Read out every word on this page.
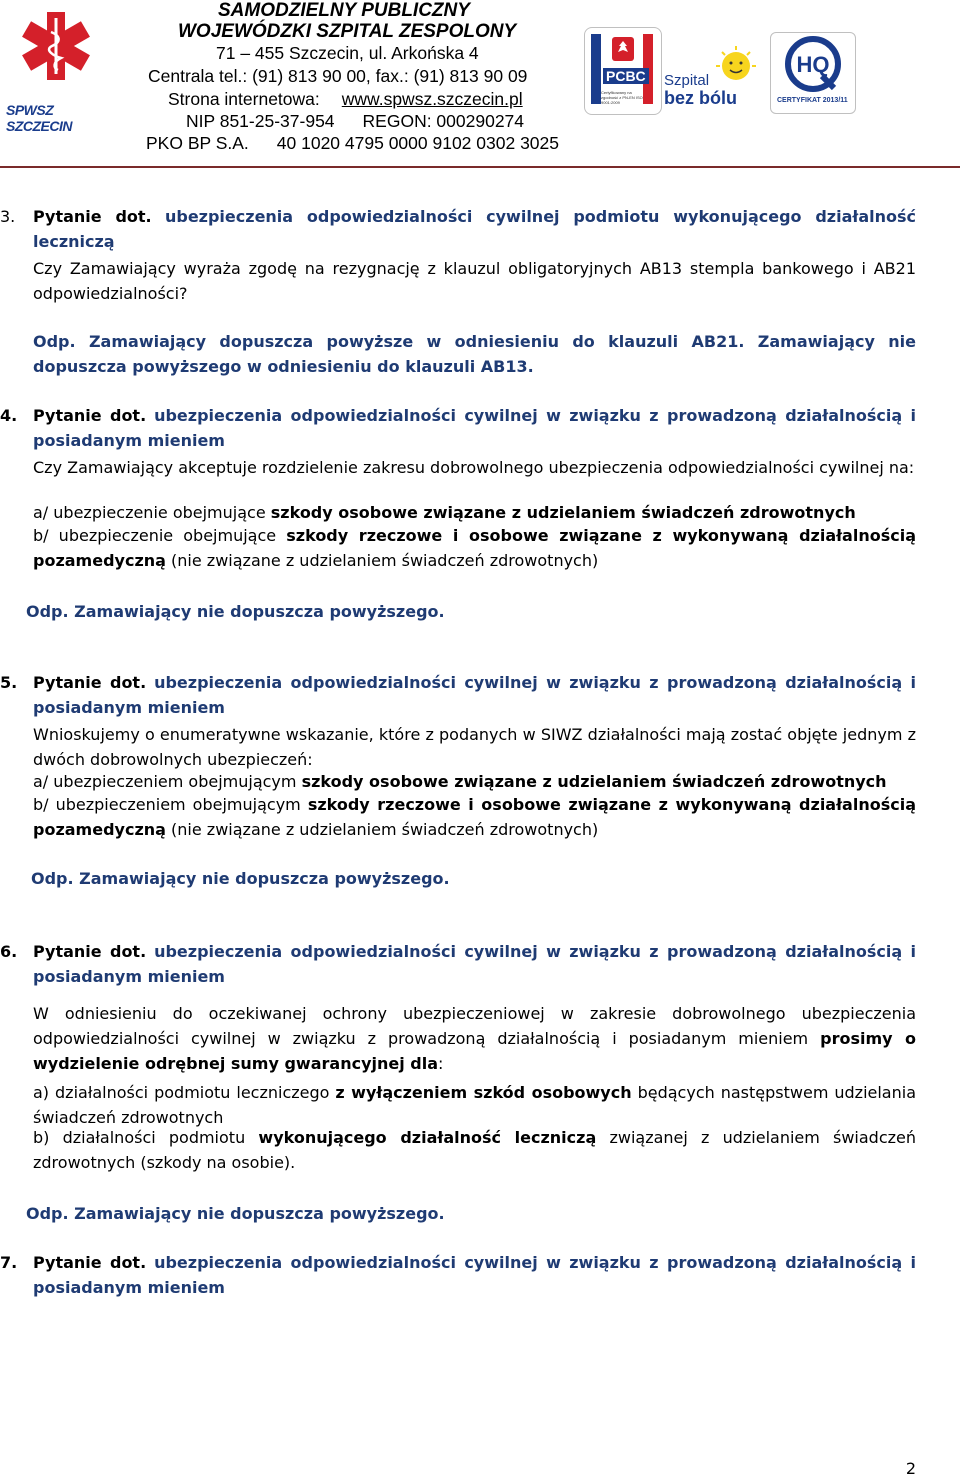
SPWSZ SZCZECIN
SAMODZIELNY PUBLICZNY
WOJEWÓDZKI SZPITAL ZESPOLONY
71 – 455 Szczecin, ul. Arkońska 4
Centrala tel.: (91) 813 90 00, fax.: (91) 813 90 09
Strona internetowa: www.spwsz.szczecin.pl
NIP 851-25-37-954 REGON: 000290274
PKO BP S.A. 40 1020 4795 0000 9102 0302 3025
PCBC
Certyfikowany na zgodność z PN-EN ISO 9001:2009
Szpital
bez bólu
HQ
CERTYFIKAT 2013/11
3. Pytanie dot. ubezpieczenia odpowiedzialności cywilnej podmiotu wykonującego działalność leczniczą
Czy Zamawiający wyraża zgodę na rezygnację z klauzul obligatoryjnych AB13 stempla bankowego i AB21 odpowiedzialności?
Odp. Zamawiający dopuszcza powyższe w odniesieniu do klauzuli AB21. Zamawiający nie dopuszcza powyższego w odniesieniu do klauzuli AB13.
4. Pytanie dot. ubezpieczenia odpowiedzialności cywilnej w związku z prowadzoną działalnością i posiadanym mieniem
Czy Zamawiający akceptuje rozdzielenie zakresu dobrowolnego ubezpieczenia odpowiedzialności cywilnej na:
a/ ubezpieczenie obejmujące szkody osobowe związane z udzielaniem świadczeń zdrowotnych
b/ ubezpieczenie obejmujące szkody rzeczowe i osobowe związane z wykonywaną działalnością pozamedyczną (nie związane z udzielaniem świadczeń zdrowotnych)
Odp. Zamawiający nie dopuszcza powyższego.
5. Pytanie dot. ubezpieczenia odpowiedzialności cywilnej w związku z prowadzoną działalnością i posiadanym mieniem
Wnioskujemy o enumeratywne wskazanie, które z podanych w SIWZ działalności mają zostać objęte jednym z dwóch dobrowolnych ubezpieczeń:
a/ ubezpieczeniem obejmującym szkody osobowe związane z udzielaniem świadczeń zdrowotnych
b/ ubezpieczeniem obejmującym szkody rzeczowe i osobowe związane z wykonywaną działalnością pozamedyczną (nie związane z udzielaniem świadczeń zdrowotnych)
Odp. Zamawiający nie dopuszcza powyższego.
6. Pytanie dot. ubezpieczenia odpowiedzialności cywilnej w związku z prowadzoną działalnością i posiadanym mieniem
W odniesieniu do oczekiwanej ochrony ubezpieczeniowej w zakresie dobrowolnego ubezpieczenia odpowiedzialności cywilnej w związku z prowadzoną działalnością i posiadanym mieniem prosimy o wydzielenie odrębnej sumy gwarancyjnej dla:
a) działalności podmiotu leczniczego z wyłączeniem szkód osobowych będących następstwem udzielania świadczeń zdrowotnych
b) działalności podmiotu wykonującego działalność leczniczą związanej z udzielaniem świadczeń zdrowotnych (szkody na osobie).
Odp. Zamawiający nie dopuszcza powyższego.
7. Pytanie dot. ubezpieczenia odpowiedzialności cywilnej w związku z prowadzoną działalnością i posiadanym mieniem
2
